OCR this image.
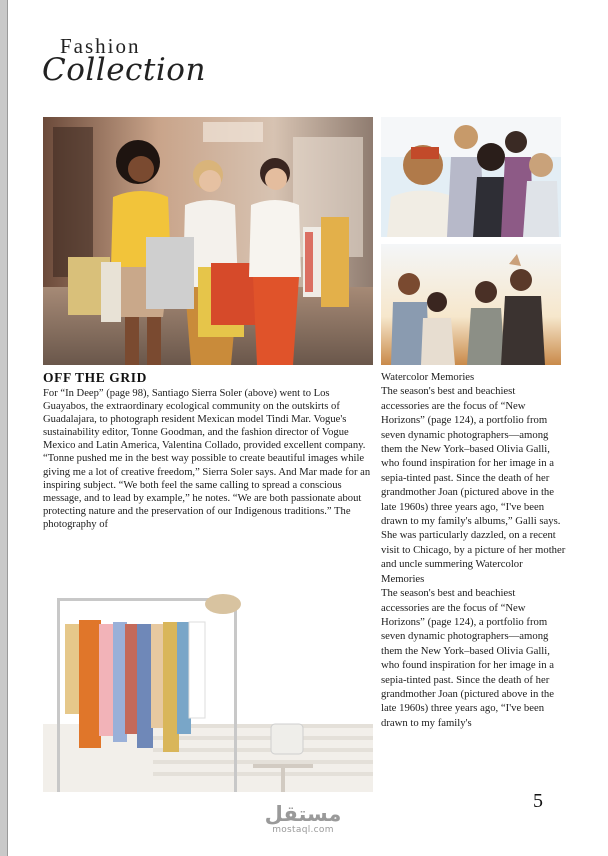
Fashion
Collection
OFF THE GRID
For “In Deep” (page 98), Santiago Sierra Soler (above) went to Los Guayabos, the extraordinary ecological community on the outskirts of Guadalajara, to photograph resident Mexican model Tindi Mar. Vogue's sustainability editor, Tonne Goodman, and the fashion director of Vogue Mexico and Latin America, Valentina Collado, provided excellent company. “Tonne pushed me in the best way possible to create beautiful images while giving me a lot of creative freedom,” Sierra Soler says. And Mar made for an inspiring subject. “We both feel the same calling to spread a conscious message, and to lead by example,” he notes. “We are both passionate about protecting nature and the preservation of our Indigenous traditions.” The photography of
Watercolor Memories
The season's best and beachiest accessories are the focus of “New Horizons” (page 124), a portfolio from seven dynamic photographers—among them the New York–based Olivia Galli, who found inspiration for her image in a sepia-tinted past. Since the death of her grandmother Joan (pictured above in the late 1960s) three years ago, “I've been drawn to my family's albums,” Galli says. She was particularly dazzled, on a recent visit to Chicago, by a picture of her mother and uncle summering Watercolor Memories
The season's best and beachiest accessories are the focus of “New Horizons” (page 124), a portfolio from seven dynamic photographers—among them the New York–based Olivia Galli, who found inspiration for her image in a sepia-tinted past. Since the death of her grandmother Joan (pictured above in the late 1960s) three years ago, “I've been drawn to my family's
5
مستقل
mostaql.com
